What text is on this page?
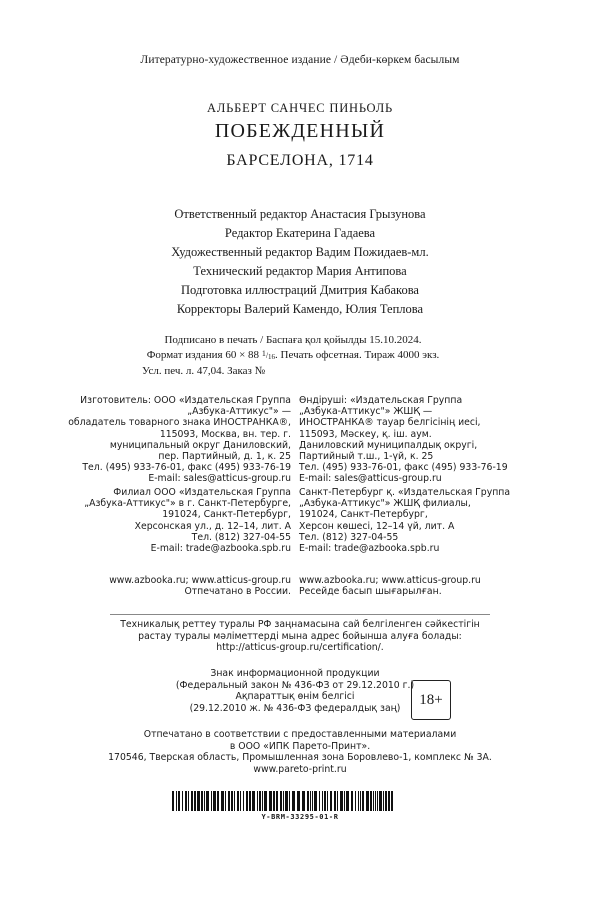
Литературно-художественное издание / Әдеби-көркем басылым
АЛЬБЕРТ САНЧЕС ПИНЬОЛЬ
ПОБЕЖДЕННЫЙ
БАРСЕЛОНА, 1714
Ответственный редактор Анастасия Грызунова
Редактор Екатерина Гадаева
Художественный редактор Вадим Пожидаев-мл.
Технический редактор Мария Антипова
Подготовка иллюстраций Дмитрия Кабакова
Корректоры Валерий Камендо, Юлия Теплова
Подписано в печать / Баспаға қол қойылды 15.10.2024.
Формат издания 60 × 88 1/16. Печать офсетная. Тираж 4000 экз.
Усл. печ. л. 47,04. Заказ №
Изготовитель: ООО «Издательская Группа
„Азбука-Аттикус"» —
обладатель товарного знака ИНОСТРАНКА®,
115093, Москва, вн. тер. г.
муниципальный округ Даниловский,
пер. Партийный, д. 1, к. 25
Тел. (495) 933-76-01, факс (495) 933-76-19
E-mail: sales@atticus-group.ru
Өндіруші: «Издательская Группа
„Азбука-Аттикус"» ЖШҚ —
ИНОСТРАНКА® тауар белгісінің иесі,
115093, Мәскеу, қ. іш. аум.
Даниловский муниципалдық округі,
Партийный т.ш., 1-үй, к. 25
Тел. (495) 933-76-01, факс (495) 933-76-19
E-mail: sales@atticus-group.ru
Филиал ООО «Издательская Группа
„Азбука-Аттикус"» в г. Санкт-Петербурге,
191024, Санкт-Петербург,
Херсонская ул., д. 12–14, лит. А
Тел. (812) 327-04-55
E-mail: trade@azbooka.spb.ru
Санкт-Петербург қ. «Издательская Группа
„Азбука-Аттикус"» ЖШҚ филиалы,
191024, Санкт-Петербург,
Херсон көшесі, 12–14 үй, лит. А
Тел. (812) 327-04-55
E-mail: trade@azbooka.spb.ru
www.azbooka.ru; www.atticus-group.ru
Отпечатано в России.
www.azbooka.ru; www.atticus-group.ru
Ресейде басып шығарылған.
Техникалық реттеу туралы РФ заңнамасына сай белгіленген сәйкестігін
растау туралы мәліметтерді мына адрес бойынша алуға болады:
http://atticus-group.ru/certification/.
Знак информационной продукции
(Федеральный закон № 436-ФЗ от 29.12.2010 г.)
Ақпараттық өнім белгісі
(29.12.2010 ж. № 436-ФЗ федералдық заң)
18+
Отпечатано в соответствии с предоставленными материалами
в ООО «ИПК Парето-Принт».
170546, Тверская область, Промышленная зона Боровлево-1, комплекс № 3А.
www.pareto-print.ru
Y-BRM-33295-01-R
